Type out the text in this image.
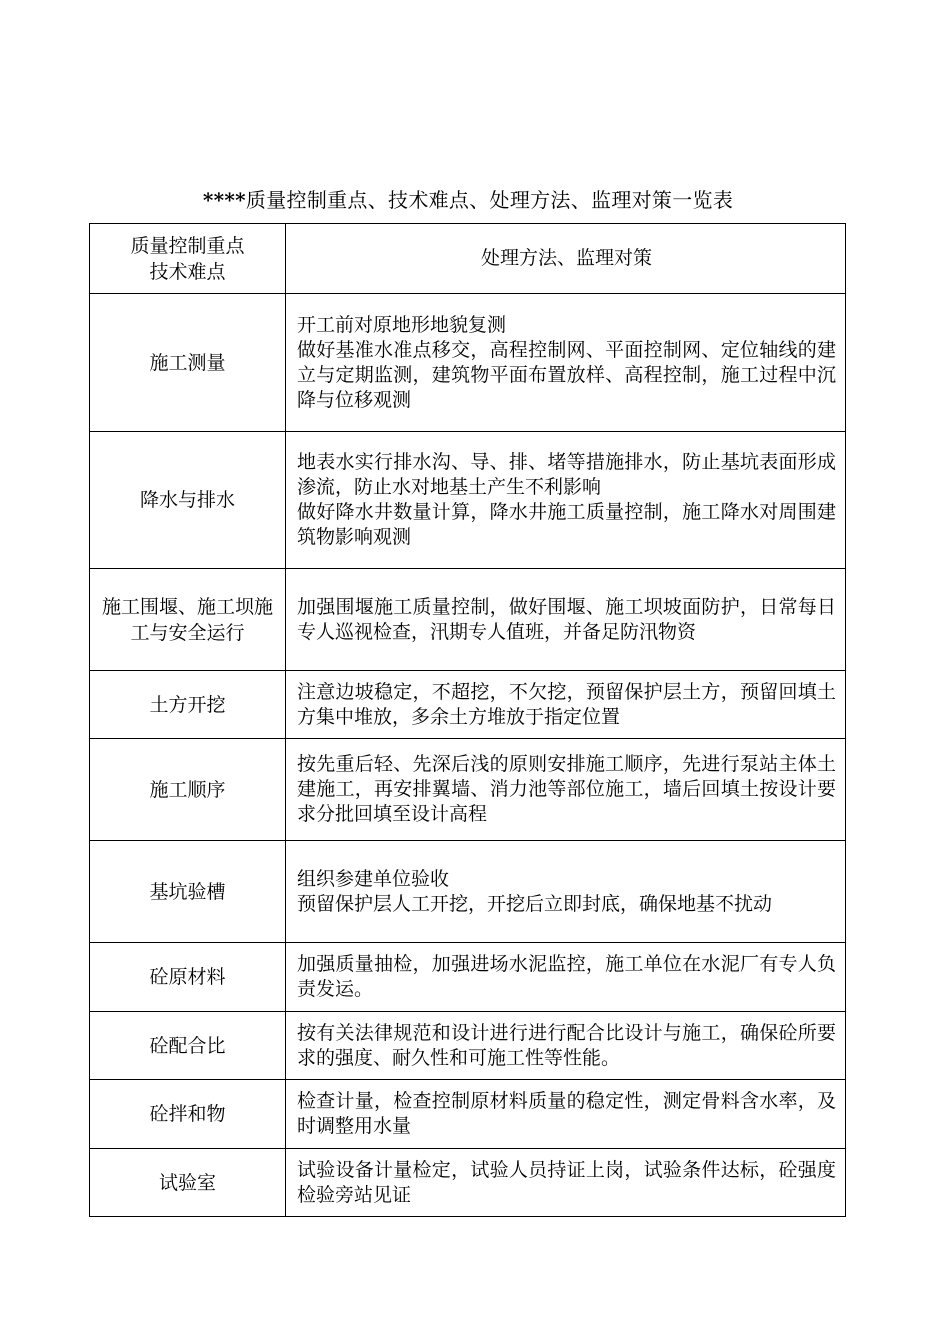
****质量控制重点、技术难点、处理方法、监理对策一览表
质量控制重点
技术难点	处理方法、监理对策
施工测量	开工前对原地形地貌复测
做好基准水准点移交，高程控制网、平面控制网、定位轴线的建立与定期监测，建筑物平面布置放样、高程控制，施工过程中沉降与位移观测

降水与排水	地表水实行排水沟、导、排、堵等措施排水，防止基坑表面形成渗流，防止水对地基土产生不利影响
做好降水井数量计算，降水井施工质量控制，施工降水对周围建筑物影响观测

施工围堰、施工坝施工与安全运行	加强围堰施工质量控制，做好围堰、施工坝坡面防护，日常每日专人巡视检查，汛期专人值班，并备足防汛物资

土方开挖	注意边坡稳定，不超挖，不欠挖，预留保护层土方，预留回填土方集中堆放，多余土方堆放于指定位置

施工顺序	按先重后轻、先深后浅的原则安排施工顺序，先进行泵站主体土建施工，再安排翼墙、消力池等部位施工，墙后回填土按设计要求分批回填至设计高程

基坑验槽	组织参建单位验收
预留保护层人工开挖，开挖后立即封底，确保地基不扰动

砼原材料	加强质量抽检，加强进场水泥监控，施工单位在水泥厂有专人负责发运。

砼配合比	按有关法律规范和设计进行进行配合比设计与施工，确保砼所要求的强度、耐久性和可施工性等性能。

砼拌和物	检查计量，检查控制原材料质量的稳定性，测定骨料含水率，及时调整用水量

试验室	试验设备计量检定，试验人员持证上岗，试验条件达标，砼强度检验旁站见证
